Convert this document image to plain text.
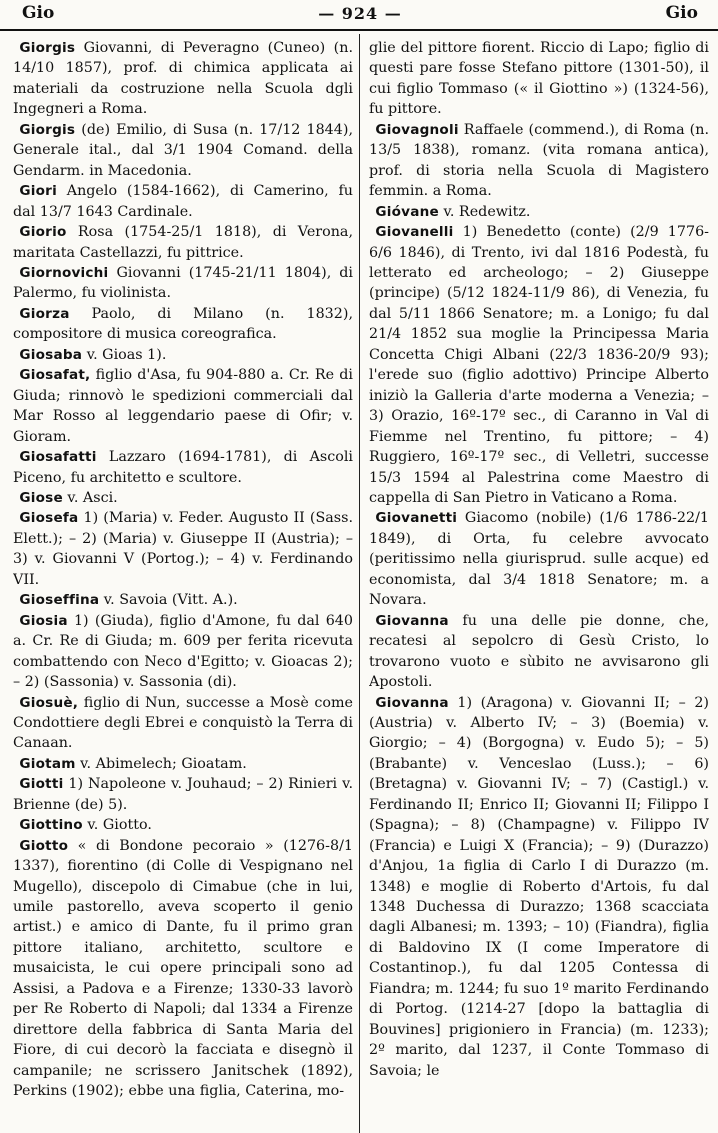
Gio	— 924 —	Gio

Giorgis Giovanni, di Peveragno (Cuneo) (n. 14/10 1857), prof. di chimica applicata ai materiali da costruzione nella Scuola dgli Ingegneri a Roma.

Giorgis (de) Emilio, di Susa (n. 17/12 1844), Generale ital., dal 3/1 1904 Comand. della Gendarm. in Macedonia.

Giori Angelo (1584-1662), di Camerino, fu dal 13/7 1643 Cardinale.

Giorio Rosa (1754-25/1 1818), di Verona, maritata Castellazzi, fu pittrice.

Giornovichi Giovanni (1745-21/11 1804), di Palermo, fu violinista.

Giorza Paolo, di Milano (n. 1832), compositore di musica coreografica.

Giosaba v. Gioas 1).

Giosafat, figlio d'Asa, fu 904-880 a. Cr. Re di Giuda; rinnovò le spedizioni commerciali dal Mar Rosso al leggendario paese di Ofir; v. Gioram.

Giosafatti Lazzaro (1694-1781), di Ascoli Piceno, fu architetto e scultore.

Giose v. Asci.

Giosefa 1) (Maria) v. Feder. Augusto II (Sass. Elett.); – 2) (Maria) v. Giuseppe II (Austria); – 3) v. Giovanni V (Portog.); – 4) v. Ferdinando VII.

Gioseffina v. Savoia (Vitt. A.).

Giosia 1) (Giuda), figlio d'Amone, fu dal 640 a. Cr. Re di Giuda; m. 609 per ferita ricevuta combattendo con Neco d'Egitto; v. Gioacas 2); – 2) (Sassonia) v. Sassonia (di).

Giosuè, figlio di Nun, successe a Mosè come Condottiere degli Ebrei e conquistò la Terra di Canaan.

Giotam v. Abimelech; Gioatam.

Giotti 1) Napoleone v. Jouhaud; – 2) Rinieri v. Brienne (de) 5).

Giottino v. Giotto.

Giotto « di Bondone pecoraio » (1276-8/1 1337), fiorentino (di Colle di Vespignano nel Mugello), discepolo di Cimabue (che in lui, umile pastorello, aveva scoperto il genio artist.) e amico di Dante, fu il primo gran pittore italiano, architetto, scultore e musaicista, le cui opere principali sono ad Assisi, a Padova e a Firenze; 1330-33 lavorò per Re Roberto di Napoli; dal 1334 a Firenze direttore della fabbrica di Santa Maria del Fiore, di cui decorò la facciata e disegnò il campanile; ne scrissero Janitschek (1892), Perkins (1902); ebbe una figlia, Caterina, mo-

glie del pittore fiorent. Riccio di Lapo; figlio di questi pare fosse Stefano pittore (1301-50), il cui figlio Tommaso (« il Giottino ») (1324-56), fu pittore.

Giovagnoli Raffaele (commend.), di Roma (n. 13/5 1838), romanz. (vita romana antica), prof. di storia nella Scuola di Magistero femmin. a Roma.

Gióvane v. Redewitz.

Giovanelli 1) Benedetto (conte) (2/9 1776-6/6 1846), di Trento, ivi dal 1816 Podestà, fu letterato ed archeologo; – 2) Giuseppe (principe) (5/12 1824-11/9 86), di Venezia, fu dal 5/11 1866 Senatore; m. a Lonigo; fu dal 21/4 1852 sua moglie la Principessa Maria Concetta Chigi Albani (22/3 1836-20/9 93); l'erede suo (figlio adottivo) Principe Alberto iniziò la Galleria d'arte moderna a Venezia; – 3) Orazio, 16º-17º sec., di Caranno in Val di Fiemme nel Trentino, fu pittore; – 4) Ruggiero, 16º-17º sec., di Velletri, successe 15/3 1594 al Palestrina come Maestro di cappella di San Pietro in Vaticano a Roma.

Giovanetti Giacomo (nobile) (1/6 1786-22/1 1849), di Orta, fu celebre avvocato (peritissimo nella giurisprud. sulle acque) ed economista, dal 3/4 1818 Senatore; m. a Novara.

Giovanna fu una delle pie donne, che, recatesi al sepolcro di Gesù Cristo, lo trovarono vuoto e sùbito ne avvisarono gli Apostoli.

Giovanna 1) (Aragona) v. Giovanni II; – 2) (Austria) v. Alberto IV; – 3) (Boemia) v. Giorgio; – 4) (Borgogna) v. Eudo 5); – 5) (Brabante) v. Venceslao (Luss.); – 6) (Bretagna) v. Giovanni IV; – 7) (Castigl.) v. Ferdinando II; Enrico II; Giovanni II; Filippo I (Spagna); – 8) (Champagne) v. Filippo IV (Francia) e Luigi X (Francia); – 9) (Durazzo) d'Anjou, 1a figlia di Carlo I di Durazzo (m. 1348) e moglie di Roberto d'Artois, fu dal 1348 Duchessa di Durazzo; 1368 scacciata dagli Albanesi; m. 1393; – 10) (Fiandra), figlia di Baldovino IX (I come Imperatore di Costantinop.), fu dal 1205 Contessa di Fiandra; m. 1244; fu suo 1º marito Ferdinando di Portog. (1214-27 [dopo la battaglia di Bouvines] prigioniero in Francia) (m. 1233); 2º marito, dal 1237, il Conte Tommaso di Savoia; le
